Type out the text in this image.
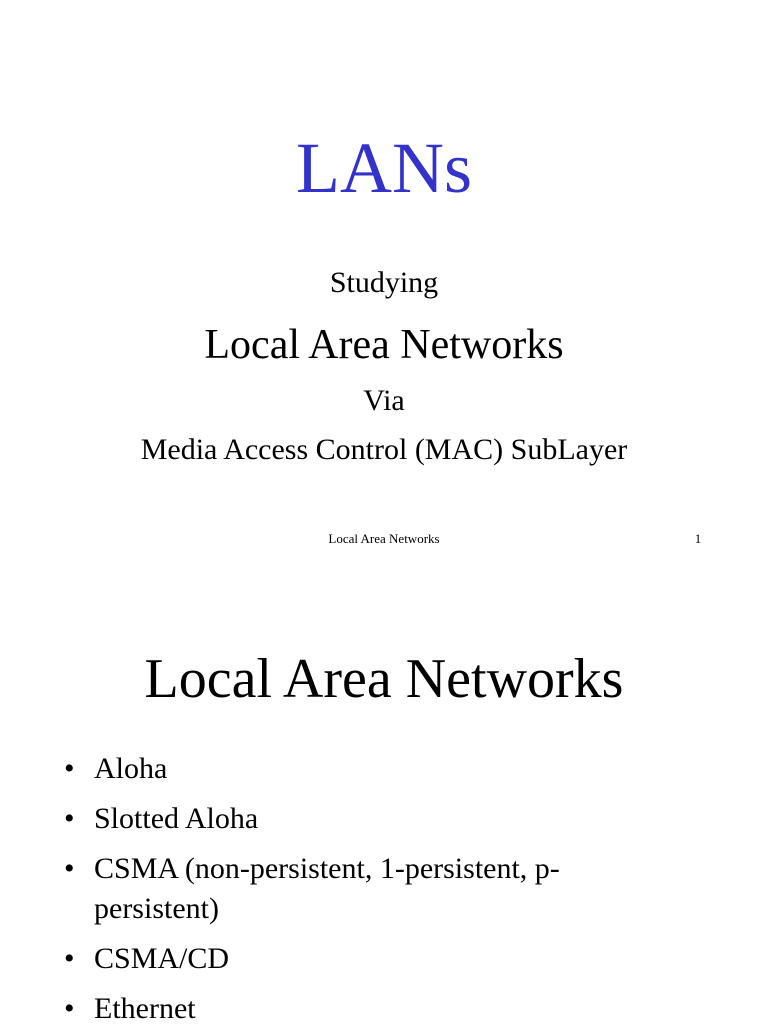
LANs
Studying
Local Area Networks
Via
Media Access Control (MAC) SubLayer
Local Area Networks	1
Local Area Networks
• Aloha
• Slotted Aloha
• CSMA (non-persistent, 1-persistent, p-persistent)
• CSMA/CD
• Ethernet
